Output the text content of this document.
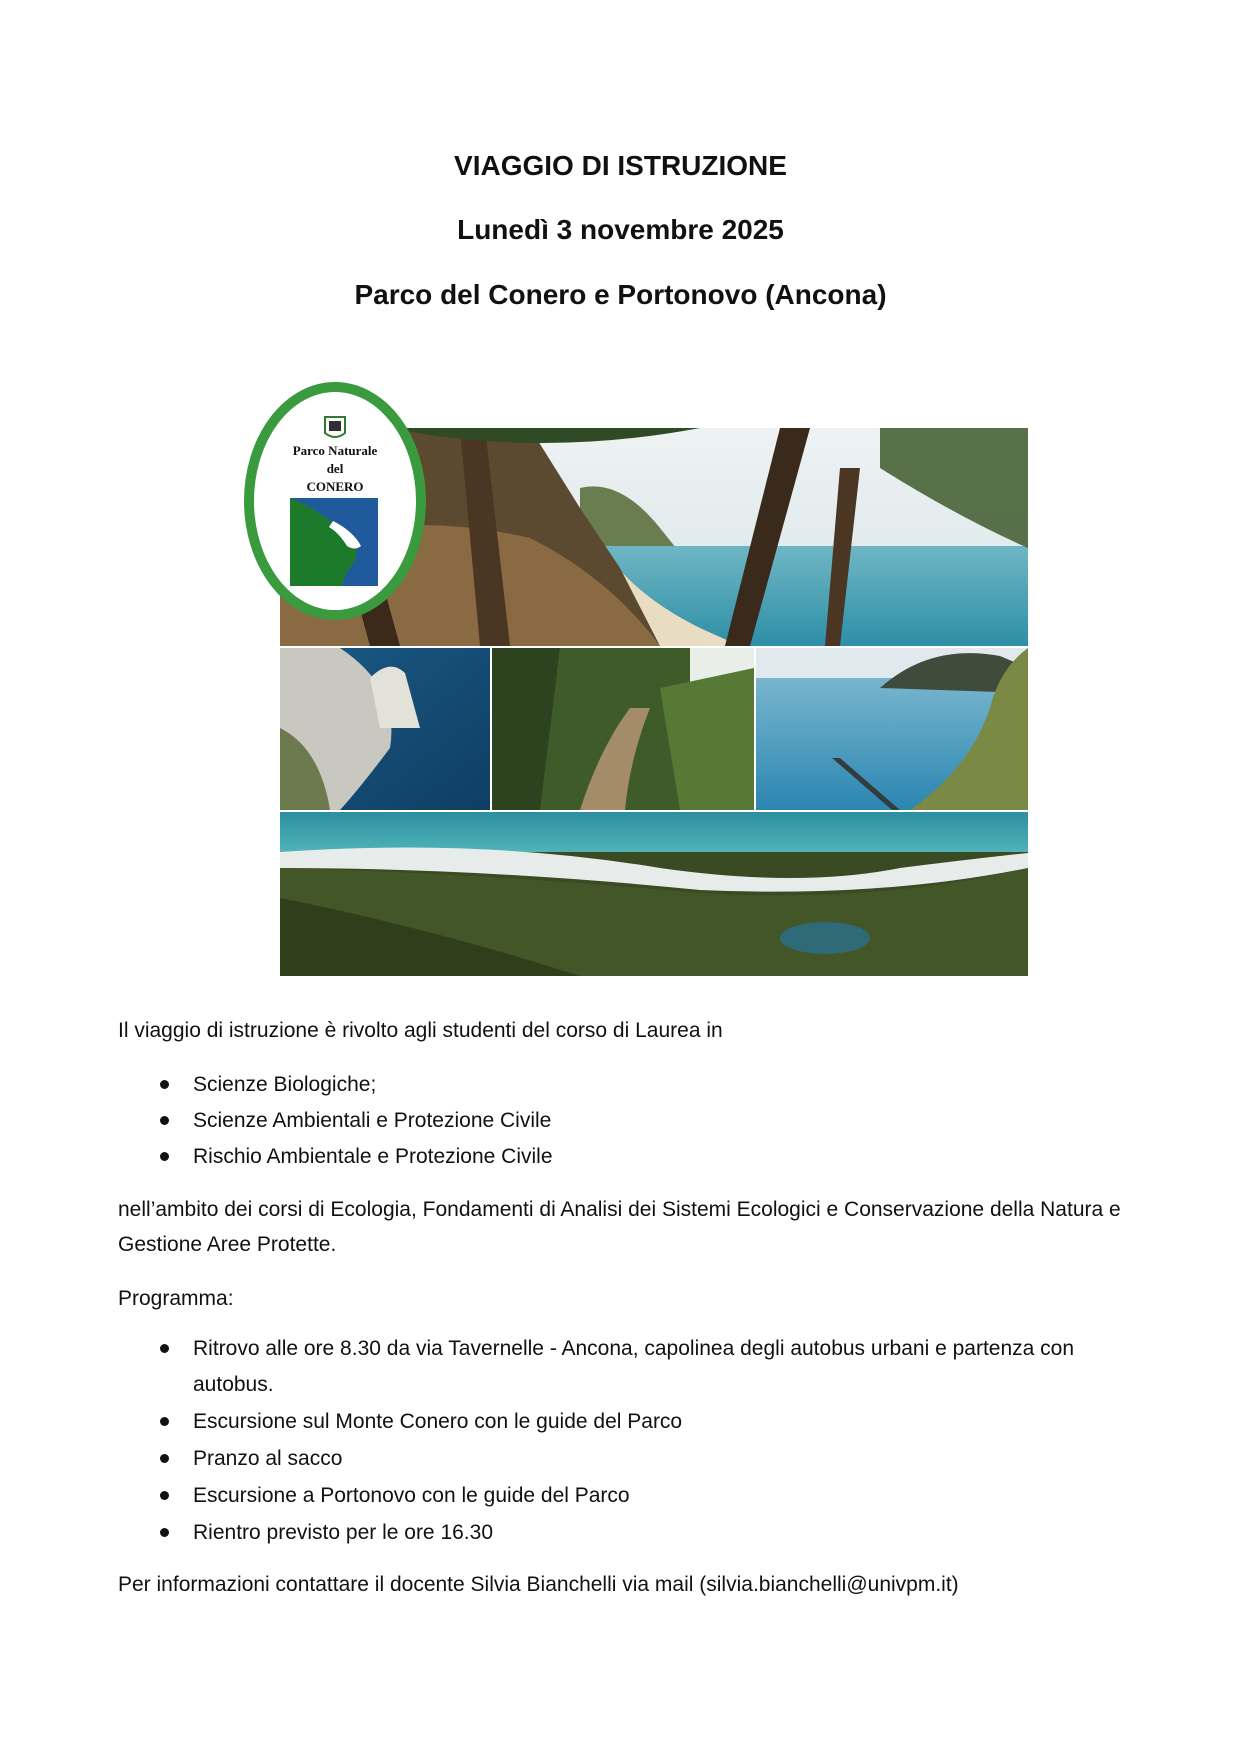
VIAGGIO DI ISTRUZIONE
Lunedì 3 novembre 2025
Parco del Conero e Portonovo (Ancona)
Parco Naturale
del
CONERO
Il viaggio di istruzione è rivolto agli studenti del corso di Laurea in
Scienze Biologiche;
Scienze Ambientali e Protezione Civile
Rischio Ambientale e Protezione Civile
nell’ambito dei corsi di Ecologia, Fondamenti di Analisi dei Sistemi Ecologici e Conservazione della Natura e Gestione Aree Protette.
Programma:
Ritrovo alle ore 8.30 da via Tavernelle - Ancona, capolinea degli autobus urbani e partenza con autobus.
Escursione sul Monte Conero con le guide del Parco
Pranzo al sacco
Escursione a Portonovo con le guide del Parco
Rientro previsto per le ore 16.30
Per informazioni contattare il docente Silvia Bianchelli via mail (silvia.bianchelli@univpm.it)
